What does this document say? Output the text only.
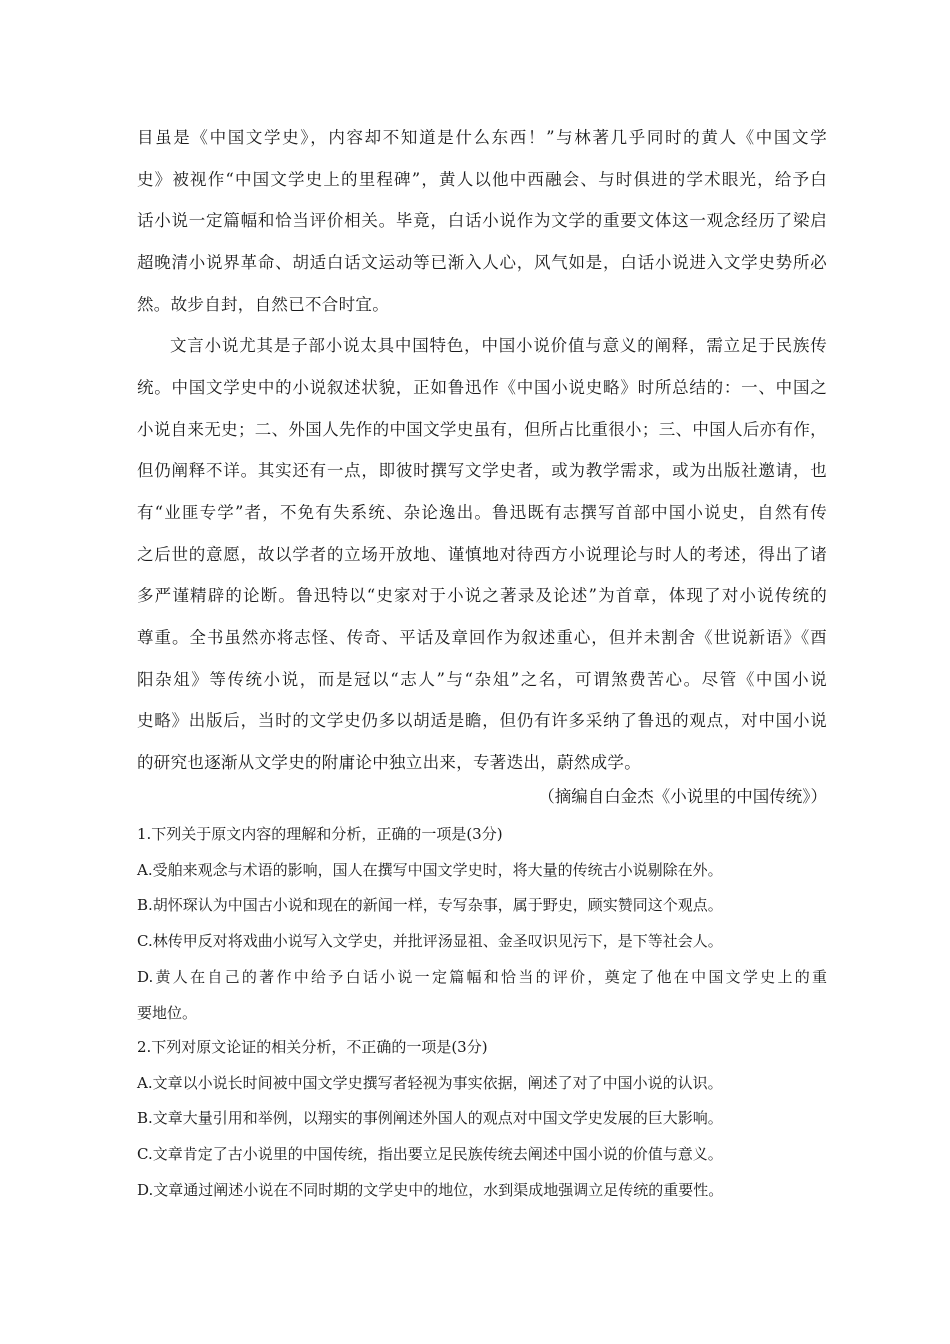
目虽是《中国文学史》，内容却不知道是什么东西！”与林著几乎同时的黄人《中国文学
史》被视作“中国文学史上的里程碑”，黄人以他中西融会、与时俱进的学术眼光，给予白
话小说一定篇幅和恰当评价相关。毕竟，白话小说作为文学的重要文体这一观念经历了梁启
超晚清小说界革命、胡适白话文运动等已渐入人心，风气如是，白话小说进入文学史势所必
然。故步自封，自然已不合时宜。
文言小说尤其是子部小说太具中国特色，中国小说价值与意义的阐释，需立足于民族传
统。中国文学史中的小说叙述状貌，正如鲁迅作《中国小说史略》时所总结的：一、中国之
小说自来无史；二、外国人先作的中国文学史虽有，但所占比重很小；三、中国人后亦有作，
但仍阐释不详。其实还有一点，即彼时撰写文学史者，或为教学需求，或为出版社邀请，也
有“业匪专学”者，不免有失系统、杂论逸出。鲁迅既有志撰写首部中国小说史，自然有传
之后世的意愿，故以学者的立场开放地、谨慎地对待西方小说理论与时人的考述，得出了诸
多严谨精辟的论断。鲁迅特以“史家对于小说之著录及论述”为首章，体现了对小说传统的
尊重。全书虽然亦将志怪、传奇、平话及章回作为叙述重心，但并未割舍《世说新语》《酉
阳杂俎》等传统小说，而是冠以“志人”与“杂俎”之名，可谓煞费苦心。尽管《中国小说
史略》出版后，当时的文学史仍多以胡适是瞻，但仍有许多采纳了鲁迅的观点，对中国小说
的研究也逐渐从文学史的附庸论中独立出来，专著迭出，蔚然成学。
（摘编自白金杰《小说里的中国传统》）
1.下列关于原文内容的理解和分析，正确的一项是(3分)
A.受舶来观念与术语的影响，国人在撰写中国文学史时，将大量的传统古小说剔除在外。
B.胡怀琛认为中国古小说和现在的新闻一样，专写杂事，属于野史，顾实赞同这个观点。
C.林传甲反对将戏曲小说写入文学史，并批评汤显祖、金圣叹识见污下，是下等社会人。
D.黄人在自己的著作中给予白话小说一定篇幅和恰当的评价，奠定了他在中国文学史上的重
要地位。
2.下列对原文论证的相关分析，不正确的一项是(3分)
A.文章以小说长时间被中国文学史撰写者轻视为事实依据，阐述了对了中国小说的认识。
B.文章大量引用和举例，以翔实的事例阐述外国人的观点对中国文学史发展的巨大影响。
C.文章肯定了古小说里的中国传统，指出要立足民族传统去阐述中国小说的价值与意义。
D.文章通过阐述小说在不同时期的文学史中的地位，水到渠成地强调立足传统的重要性。
